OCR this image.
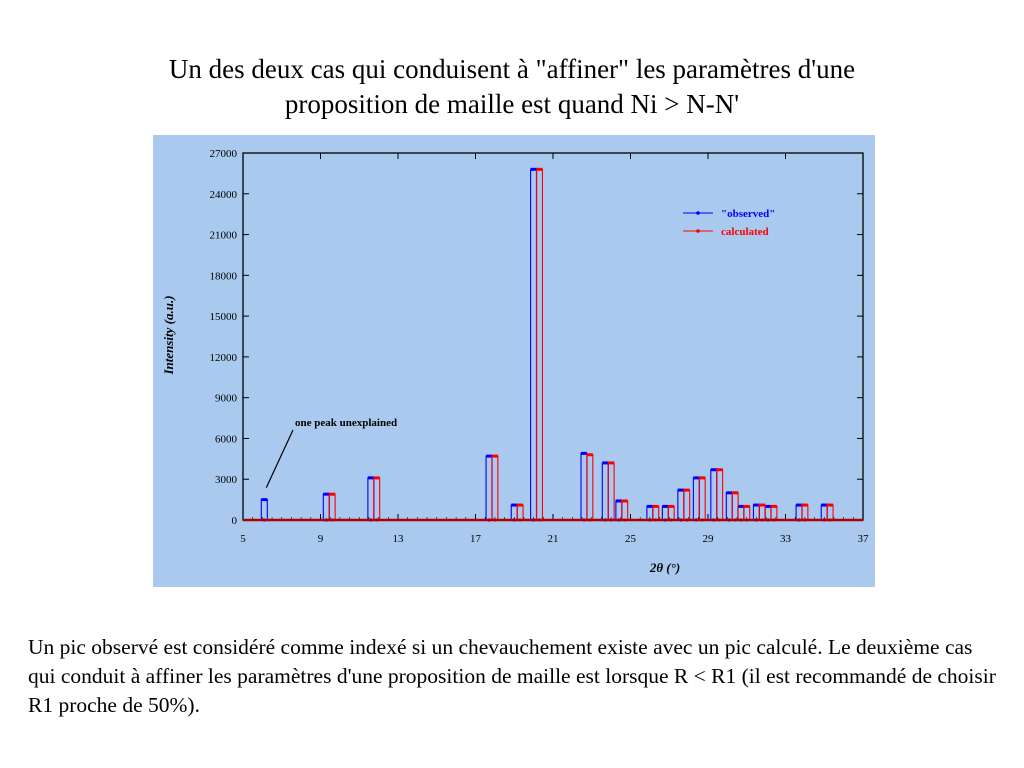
Un des deux cas qui conduisent à "affiner" les paramètres d'une
proposition de maille est quand Ni > N-N'
0
3000
6000
9000
12000
15000
18000
21000
24000
27000
5	9	13	17	21	25	29	33	37
"observed"
calculated
one peak unexplained
Intensity (a.u.)
2θ (°)

Un pic observé est considéré comme indexé si un chevauchement existe avec un pic calculé. Le deuxième cas qui conduit à affiner les paramètres d'une proposition de maille est lorsque R < R1 (il est recommandé de choisir R1 proche de 50%).
